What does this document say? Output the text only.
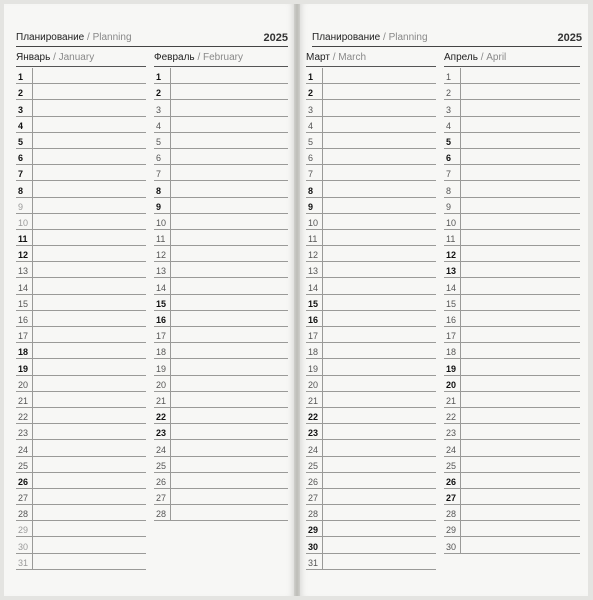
Планирование / Planning	2025
Январь / January
1
2
3
4
5
6
7
8
9
10
11
12
13
14
15
16
17
18
19
20
21
22
23
24
25
26
27
28
29
30
31
Февраль / February
1
2
3
4
5
6
7
8
9
10
11
12
13
14
15
16
17
18
19
20
21
22
23
24
25
26
27
28
Планирование / Planning	2025
Март / March
1
2
3
4
5
6
7
8
9
10
11
12
13
14
15
16
17
18
19
20
21
22
23
24
25
26
27
28
29
30
31
Апрель / April
1
2
3
4
5
6
7
8
9
10
11
12
13
14
15
16
17
18
19
20
21
22
23
24
25
26
27
28
29
30
